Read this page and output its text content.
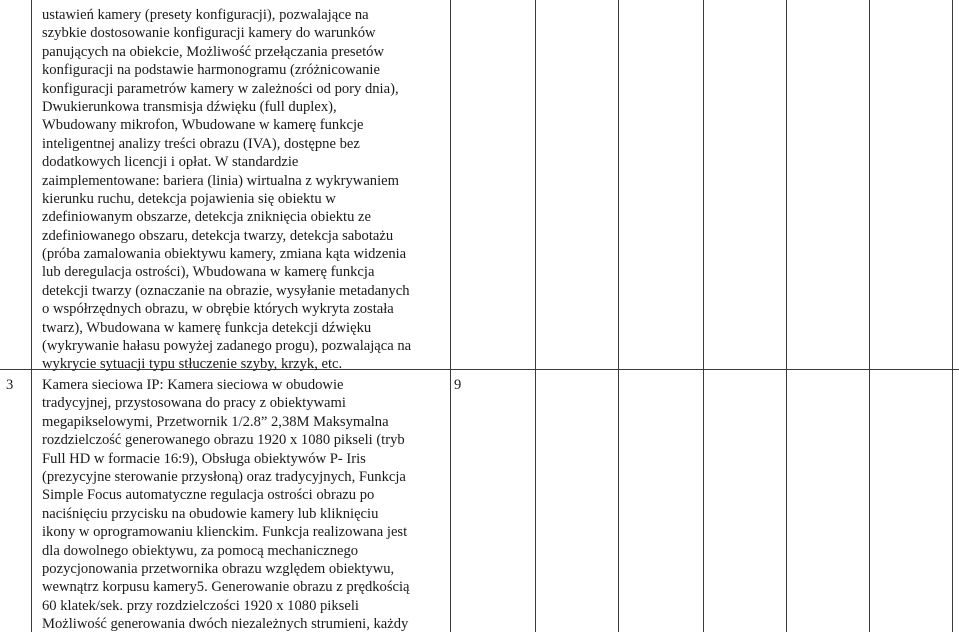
ustawień kamery (presety konfiguracji), pozwalające na
szybkie dostosowanie konfiguracji kamery do warunków
panujących na obiekcie, Możliwość przełączania presetów
konfiguracji na podstawie harmonogramu (zróżnicowanie
konfiguracji parametrów kamery w zależności od pory dnia),
Dwukierunkowa transmisja dźwięku (full duplex),
Wbudowany mikrofon, Wbudowane w kamerę funkcje
inteligentnej analizy treści obrazu (IVA), dostępne bez
dodatkowych licencji i opłat. W standardzie
zaimplementowane: bariera (linia) wirtualna z wykrywaniem
kierunku ruchu, detekcja pojawienia się obiektu w
zdefiniowanym obszarze, detekcja zniknięcia obiektu ze
zdefiniowanego obszaru, detekcja twarzy, detekcja sabotażu
(próba zamalowania obiektywu kamery, zmiana kąta widzenia
lub deregulacja ostrości), Wbudowana w kamerę funkcja
detekcji twarzy (oznaczanie na obrazie, wysyłanie metadanych
o współrzędnych obrazu, w obrębie których wykryta została
twarz), Wbudowana w kamerę funkcja detekcji dźwięku
(wykrywanie hałasu powyżej zadanego progu), pozwalająca na
wykrycie sytuacji typu stłuczenie szyby, krzyk, etc.
3	9
Kamera sieciowa IP: Kamera sieciowa w obudowie
tradycyjnej, przystosowana do pracy z obiektywami
megapikselowymi, Przetwornik 1/2.8” 2,38M Maksymalna
rozdzielczość generowanego obrazu 1920 x 1080 pikseli (tryb
Full HD w formacie 16:9), Obsługa obiektywów P- Iris
(prezycyjne sterowanie przysłoną) oraz tradycyjnych, Funkcja
Simple Focus automatyczne regulacja ostrości obrazu po
naciśnięciu przycisku na obudowie kamery lub kliknięciu
ikony w oprogramowaniu klienckim. Funkcja realizowana jest
dla dowolnego obiektywu, za pomocą mechanicznego
pozycjonowania przetwornika obrazu względem obiektywu,
wewnątrz korpusu kamery5. Generowanie obrazu z prędkością
60 klatek/sek. przy rozdzielczości 1920 x 1080 pikseli
Możliwość generowania dwóch niezależnych strumieni, każdy
